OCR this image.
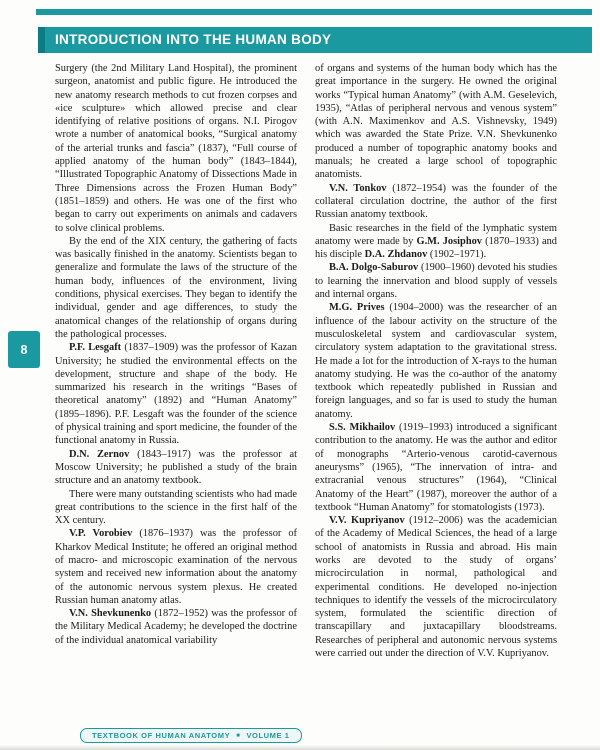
INTRODUCTION INTO THE HUMAN BODY

Surgery (the 2nd Military Land Hospital), the prominent surgeon, anatomist and public figure. He introduced the new anatomy research methods to cut frozen corpses and «ice sculpture» which allowed precise and clear identifying of relative positions of organs. N.I. Pirogov wrote a number of anatomical books, “Surgical anatomy of the arterial trunks and fascia” (1837), “Full course of applied anatomy of the human body” (1843–1844), “Illustrated Topographic Anatomy of Dissections Made in Three Dimensions across the Frozen Human Body” (1851–1859) and others. He was one of the first who began to carry out experiments on animals and cadavers to solve clinical problems.

By the end of the XIX century, the gathering of facts was basically finished in the anatomy. Scientists began to generalize and formulate the laws of the structure of the human body, influences of the environment, living conditions, physical exercises. They began to identify the individual, gender and age differences, to study the anatomical changes of the relationship of organs during the pathological processes.

P.F. Lesgaft (1837–1909) was the professor of Kazan University; he studied the environmental effects on the development, structure and shape of the body. He summarized his research in the writings “Bases of theoretical anatomy” (1892) and “Human Anatomy” (1895–1896). P.F. Lesgaft was the founder of the science of physical training and sport medicine, the founder of the functional anatomy in Russia.

D.N. Zernov (1843–1917) was the professor at Moscow University; he published a study of the brain structure and an anatomy textbook.

There were many outstanding scientists who had made great contributions to the science in the first half of the XX century.

V.P. Vorobiev (1876–1937) was the professor of Kharkov Medical Institute; he offered an original method of macro- and microscopic examination of the nervous system and received new information about the anatomy of the autonomic nervous system plexus. He created Russian human anatomy atlas.

V.N. Shevkunenko (1872–1952) was the professor of the Military Medical Academy; he developed the doctrine of the individual anatomical variability

of organs and systems of the human body which has the great importance in the surgery. He owned the original works “Typical human Anatomy” (with A.M. Geselevich, 1935), “Atlas of peripheral nervous and venous system” (with A.N. Maximenkov and A.S. Vishnevsky, 1949) which was awarded the State Prize. V.N. Shevkunenko produced a number of topographic anatomy books and manuals; he created a large school of topographic anatomists.

V.N. Tonkov (1872–1954) was the founder of the collateral circulation doctrine, the author of the first Russian anatomy textbook.

Basic researches in the field of the lymphatic system anatomy were made by G.M. Josiphov (1870–1933) and his disciple D.A. Zhdanov (1902–1971).

B.A. Dolgo-Saburov (1900–1960) devoted his studies to learning the innervation and blood supply of vessels and internal organs.

M.G. Prives (1904–2000) was the researcher of an influence of the labour activity on the structure of the musculoskeletal system and cardiovascular system, circulatory system adaptation to the gravitational stress. He made a lot for the introduction of X-rays to the human anatomy studying. He was the co-author of the anatomy textbook which repeatedly published in Russian and foreign languages, and so far is used to study the human anatomy.

S.S. Mikhailov (1919–1993) introduced a significant contribution to the anatomy. He was the author and editor of monographs “Arterio-venous carotid-cavernous aneurysms” (1965), “The innervation of intra- and extracranial venous structures” (1964), “Clinical Anatomy of the Heart” (1987), moreover the author of a textbook “Human Anatomy” for stomatologists (1973).

V.V. Kupriyanov (1912–2006) was the academician of the Academy of Medical Sciences, the head of a large school of anatomists in Russia and abroad. His main works are devoted to the study of organs’ microcirculation in normal, pathological and experimental conditions. He developed no-injection techniques to identify the vessels of the microcirculatory system, formulated the scientific direction of transcapillary and juxtacapillary bloodstreams. Researches of peripheral and autonomic nervous systems were carried out under the direction of V.V. Kupriyanov.

8
TEXTBOOK OF HUMAN ANATOMY ■ VOLUME 1
